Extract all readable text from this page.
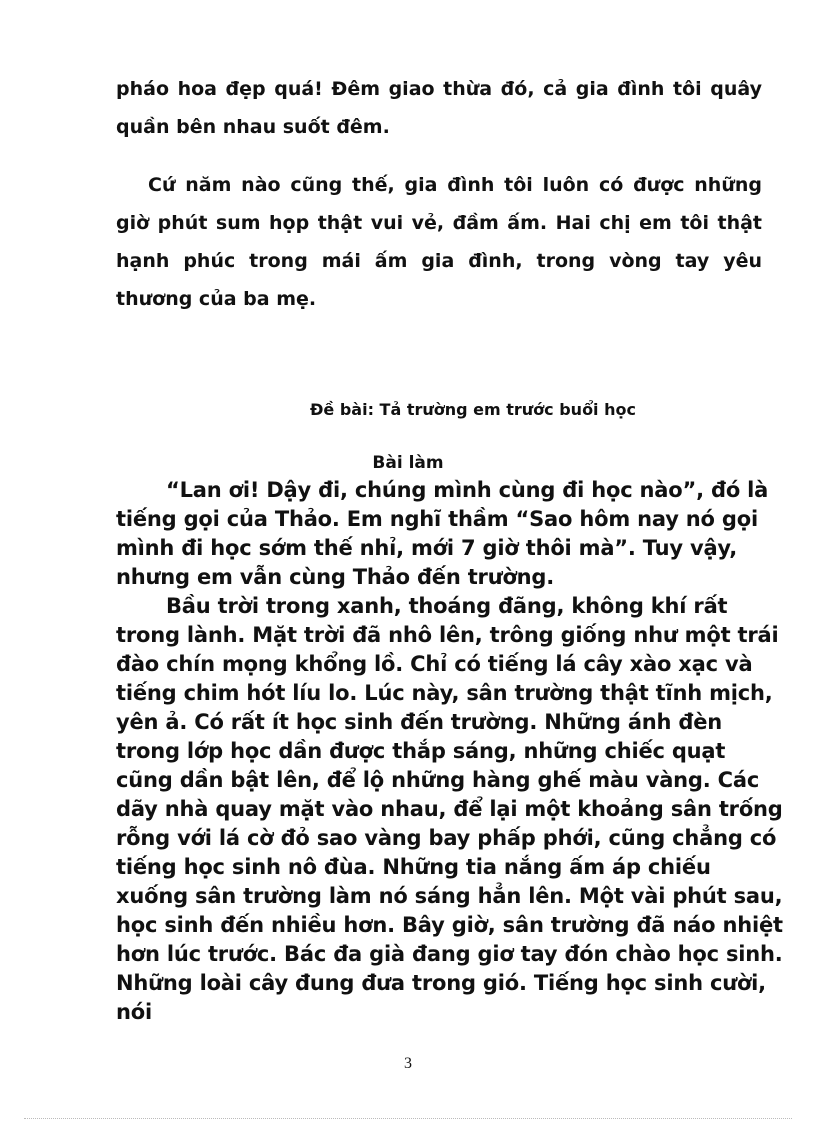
pháo hoa đẹp quá! Đêm giao thừa đó, cả gia đình tôi quây quần bên nhau suốt đêm.

Cứ năm nào cũng thế, gia đình tôi luôn có được những giờ phút sum họp thật vui vẻ, đầm ấm. Hai chị em tôi thật hạnh phúc trong mái ấm gia đình, trong vòng tay yêu thương của ba mẹ.

Đề bài: Tả trường em trước buổi học
Bài làm

“Lan ơi! Dậy đi, chúng mình cùng đi học nào”, đó là tiếng gọi của Thảo. Em nghĩ thầm “Sao hôm nay nó gọi mình đi học sớm thế nhỉ, mới 7 giờ thôi mà”. Tuy vậy, nhưng em vẫn cùng Thảo đến trường.

Bầu trời trong xanh, thoáng đãng, không khí rất trong lành. Mặt trời đã nhô lên, trông giống như một trái đào chín mọng khổng lồ. Chỉ có tiếng lá cây xào xạc và tiếng chim hót líu lo. Lúc này, sân trường thật tĩnh mịch, yên ả. Có rất ít học sinh đến trường. Những ánh đèn trong lớp học dần được thắp sáng, những chiếc quạt cũng dần bật lên, để lộ những hàng ghế màu vàng. Các dãy nhà quay mặt vào nhau, để lại một khoảng sân trống rỗng với lá cờ đỏ sao vàng bay phấp phới, cũng chẳng có tiếng học sinh nô đùa. Những tia nắng ấm áp chiếu xuống sân trường làm nó sáng hẳn lên. Một vài phút sau, học sinh đến nhiều hơn. Bây giờ, sân trường đã náo nhiệt hơn lúc trước. Bác đa già đang giơ tay đón chào học sinh. Những loài cây đung đưa trong gió. Tiếng học sinh cười, nói

3
